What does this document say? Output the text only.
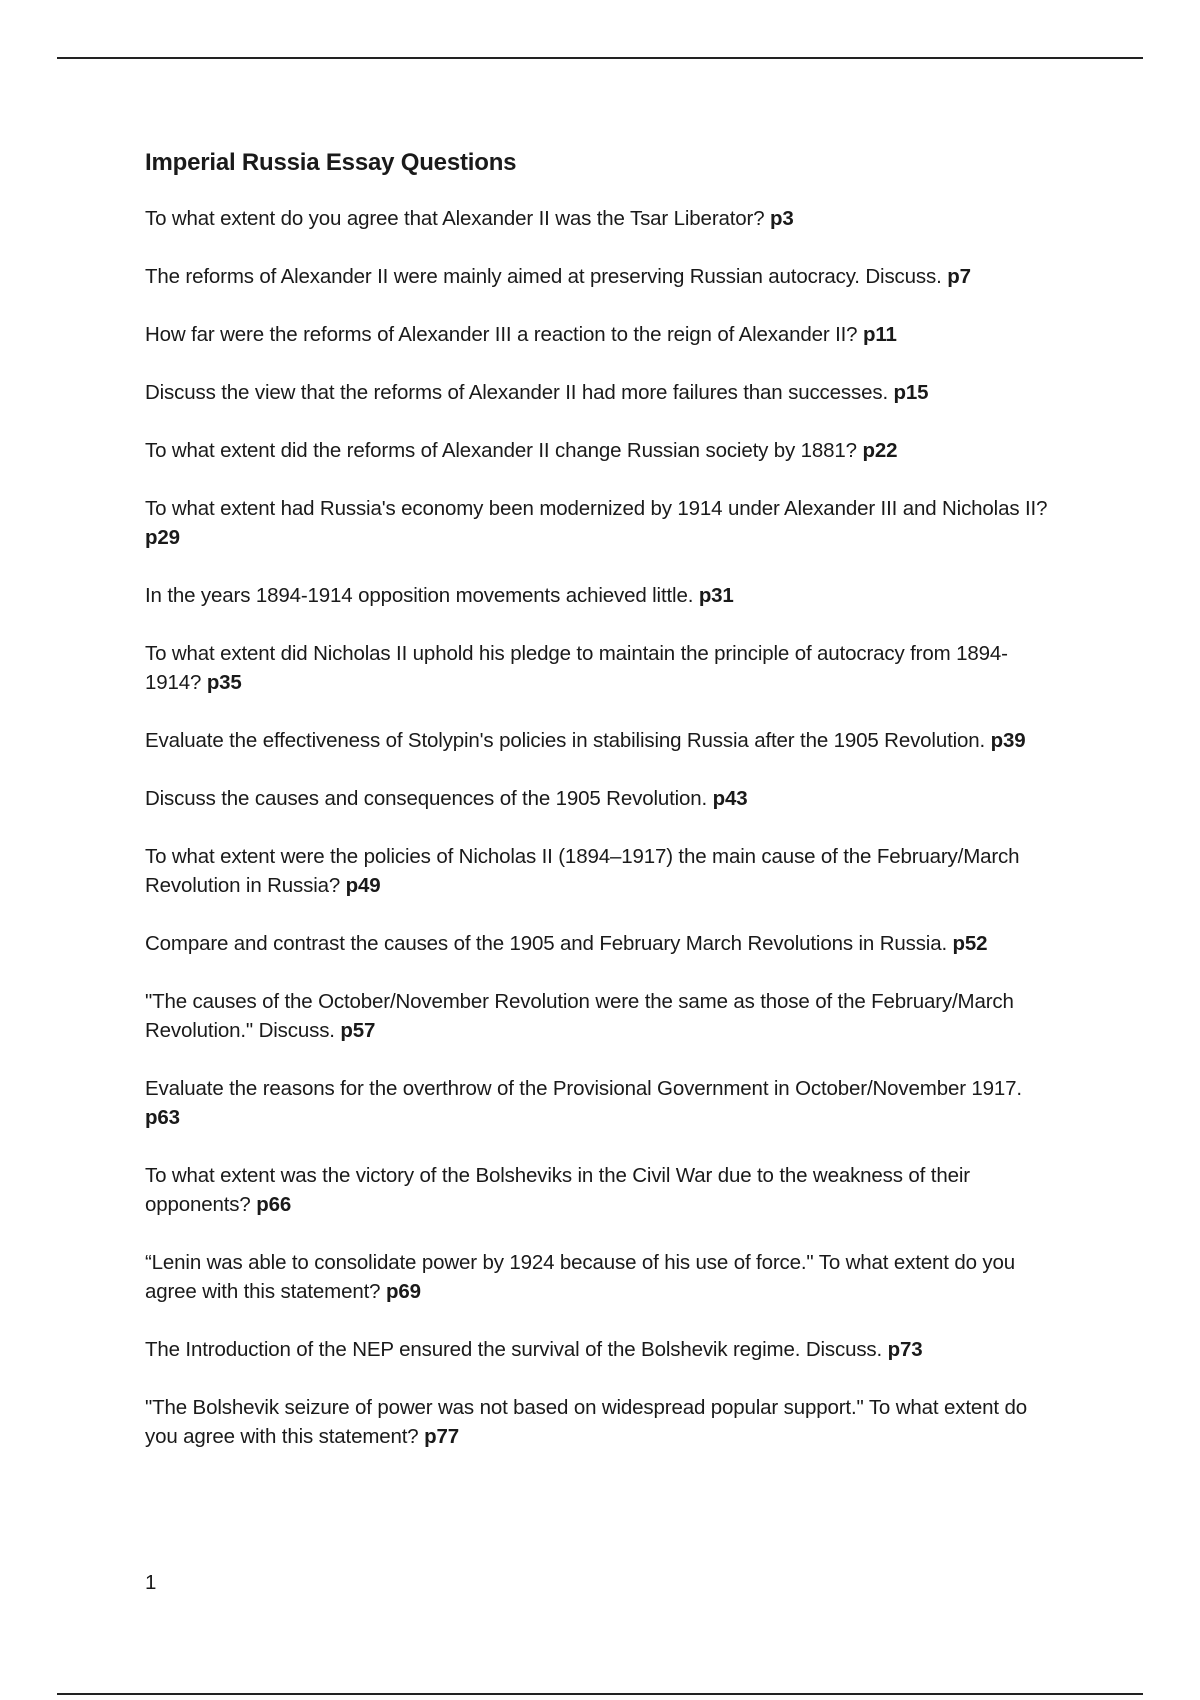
Imperial Russia Essay Questions
To what extent do you agree that Alexander II was the Tsar Liberator? p3
The reforms of Alexander II were mainly aimed at preserving Russian autocracy. Discuss. p7
How far were the reforms of Alexander III a reaction to the reign of Alexander II? p11
Discuss the view that the reforms of Alexander II had more failures than successes. p15
To what extent did the reforms of Alexander II change Russian society by 1881? p22
To what extent had Russia's economy been modernized by 1914 under Alexander III and Nicholas II? p29
In the years 1894-1914 opposition movements achieved little. p31
To what extent did Nicholas II uphold his pledge to maintain the principle of autocracy from 1894-1914? p35
Evaluate the effectiveness of Stolypin's policies in stabilising Russia after the 1905 Revolution. p39
Discuss the causes and consequences of the 1905 Revolution. p43
To what extent were the policies of Nicholas II (1894–1917) the main cause of the February/March Revolution in Russia? p49
Compare and contrast the causes of the 1905 and February March Revolutions in Russia. p52
"The causes of the October/November Revolution were the same as those of the February/March Revolution." Discuss. p57
Evaluate the reasons for the overthrow of the Provisional Government in October/November 1917. p63
To what extent was the victory of the Bolsheviks in the Civil War due to the weakness of their opponents? p66
“Lenin was able to consolidate power by 1924 because of his use of force." To what extent do you agree with this statement? p69
The Introduction of the NEP ensured the survival of the Bolshevik regime. Discuss. p73
"The Bolshevik seizure of power was not based on widespread popular support." To what extent do you agree with this statement? p77
1
